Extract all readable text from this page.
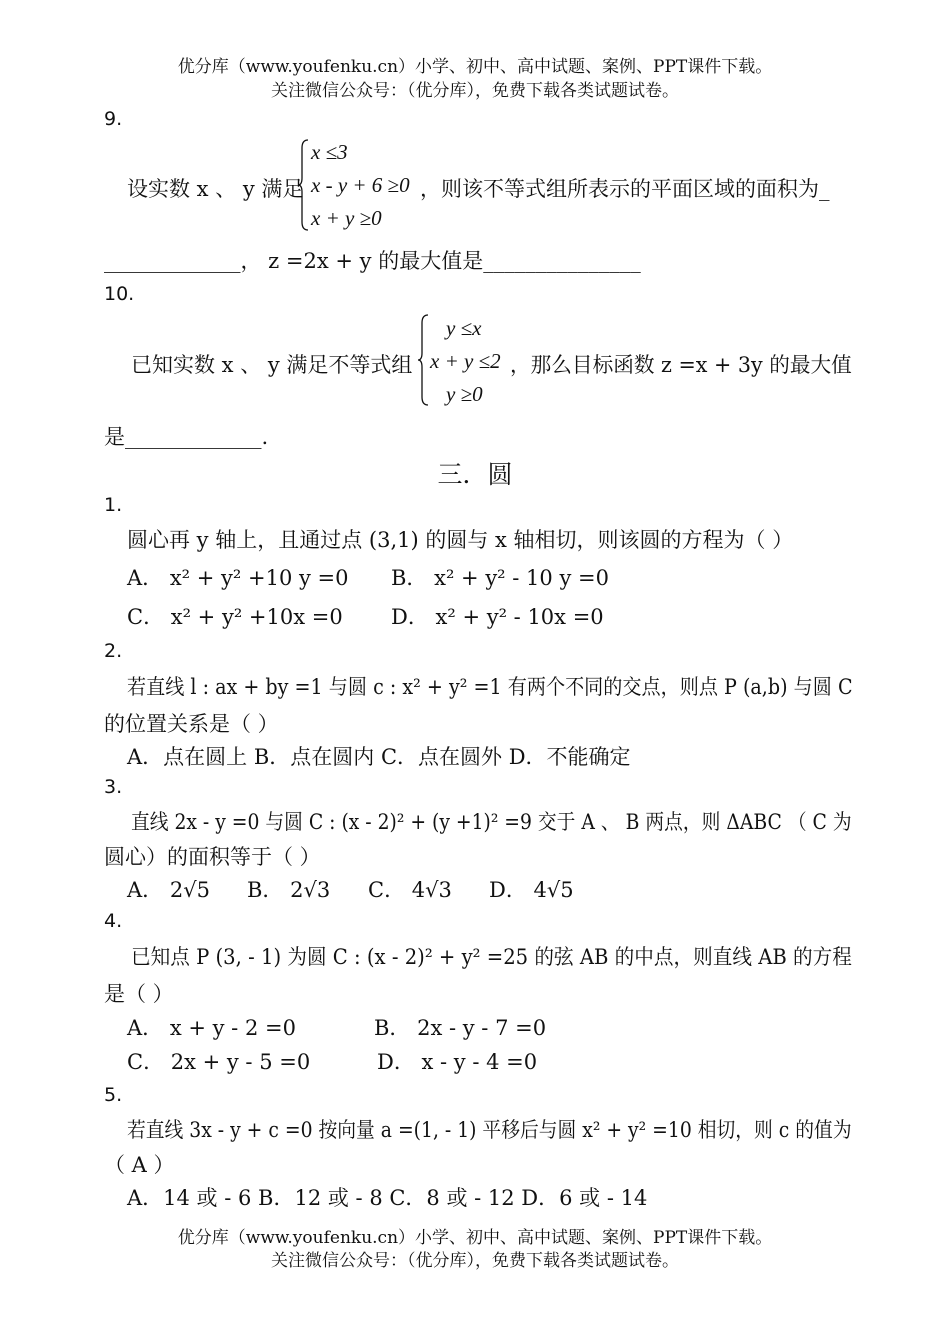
优分库（www.youfenku.cn）小学、初中、高中试题、案例、PPT课件下载。
关注微信公众号：（优分库），免费下载各类试题试卷。
9.
设实数 x 、 y 满足
x ≤3
x - y + 6 ≥0
x + y ≥0
，则该不等式组所表示的平面区域的面积为_
_____________， z =2x + y 的最大值是_______________
10.
已知实数 x 、 y 满足不等式组
y ≤x
x + y ≤2
y ≥0
，那么目标函数 z =x + 3y 的最大值
是_____________.
三．圆
1.
圆心再 y 轴上，且通过点 (3,1) 的圆与 x 轴相切，则该圆的方程为（ ）
A． x² + y² +10 y =0 B． x² + y² - 10 y =0
C． x² + y² +10x =0 D． x² + y² - 10x =0
2.
若直线 l : ax + by =1 与圆 c : x² + y² =1 有两个不同的交点，则点 P (a,b) 与圆 C
的位置关系是（ ）
A．点在圆上 B．点在圆内 C．点在圆外 D．不能确定
3.
直线 2x - y =0 与圆 C : (x - 2)² + (y +1)² =9 交于 A 、 B 两点，则 ΔABC （ C 为
圆心）的面积等于（ ）
A． 2√5 B． 2√3 C． 4√3 D． 4√5
4.
已知点 P (3, - 1) 为圆 C : (x - 2)² + y² =25 的弦 AB 的中点，则直线 AB 的方程
是（ ）
A． x + y - 2 =0	B． 2x - y - 7 =0
C． 2x + y - 5 =0	D． x - y - 4 =0
5.
若直线 3x - y + c =0 按向量 a =(1, - 1) 平移后与圆 x² + y² =10 相切，则 c 的值为
（ A ）
A．14 或 - 6 B．12 或 - 8 C．8 或 - 12 D．6 或 - 14
优分库（www.youfenku.cn）小学、初中、高中试题、案例、PPT课件下载。
关注微信公众号：（优分库），免费下载各类试题试卷。
